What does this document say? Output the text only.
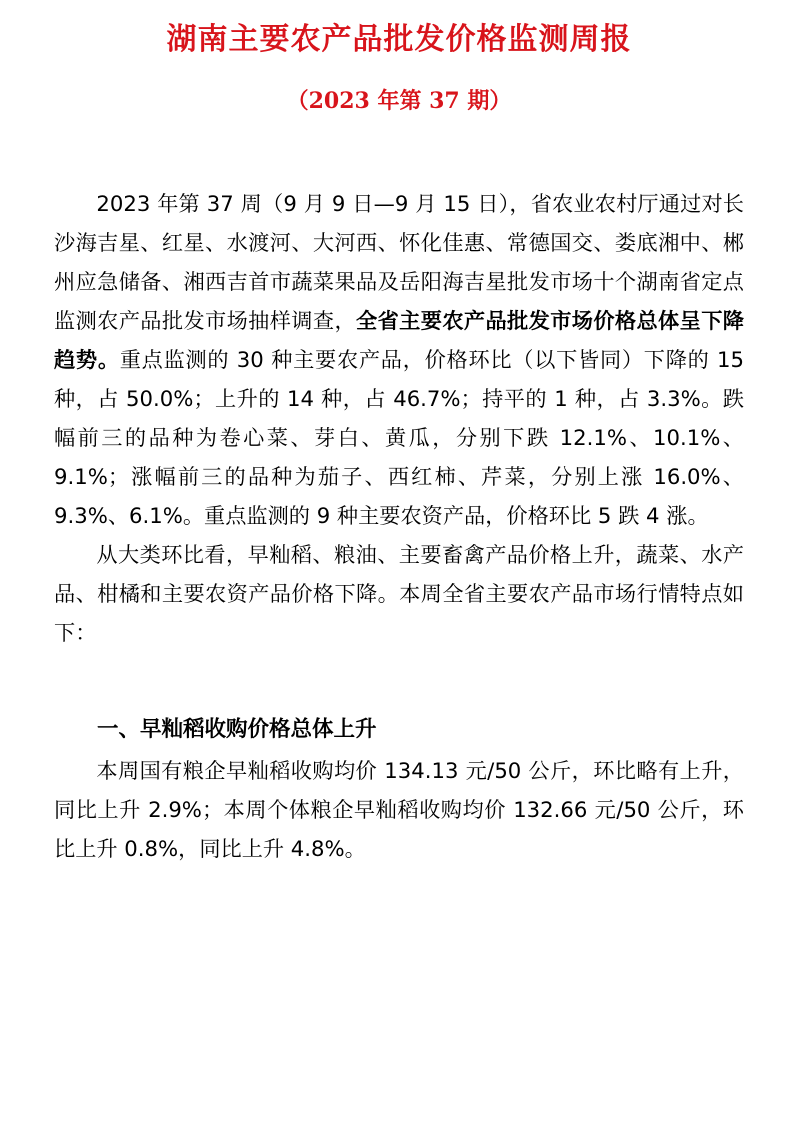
湖南主要农产品批发价格监测周报
（2023 年第 37 期）

2023 年第 37 周（9 月 9 日—9 月 15 日），省农业农村厅通过对长沙海吉星、红星、水渡河、大河西、怀化佳惠、常德国交、娄底湘中、郴州应急储备、湘西吉首市蔬菜果品及岳阳海吉星批发市场十个湖南省定点监测农产品批发市场抽样调查，全省主要农产品批发市场价格总体呈下降趋势。重点监测的 30 种主要农产品，价格环比（以下皆同）下降的 15 种，占 50.0%；上升的 14 种，占 46.7%；持平的 1 种，占 3.3%。跌幅前三的品种为卷心菜、芽白、黄瓜，分别下跌 12.1%、10.1%、9.1%；涨幅前三的品种为茄子、西红柿、芹菜，分别上涨 16.0%、9.3%、6.1%。重点监测的 9 种主要农资产品，价格环比 5 跌 4 涨。

从大类环比看，早籼稻、粮油、主要畜禽产品价格上升，蔬菜、水产品、柑橘和主要农资产品价格下降。本周全省主要农产品市场行情特点如下：

一、早籼稻收购价格总体上升

本周国有粮企早籼稻收购均价 134.13 元/50 公斤，环比略有上升，同比上升 2.9%；本周个体粮企早籼稻收购均价 132.66 元/50 公斤，环比上升 0.8%，同比上升 4.8%。
